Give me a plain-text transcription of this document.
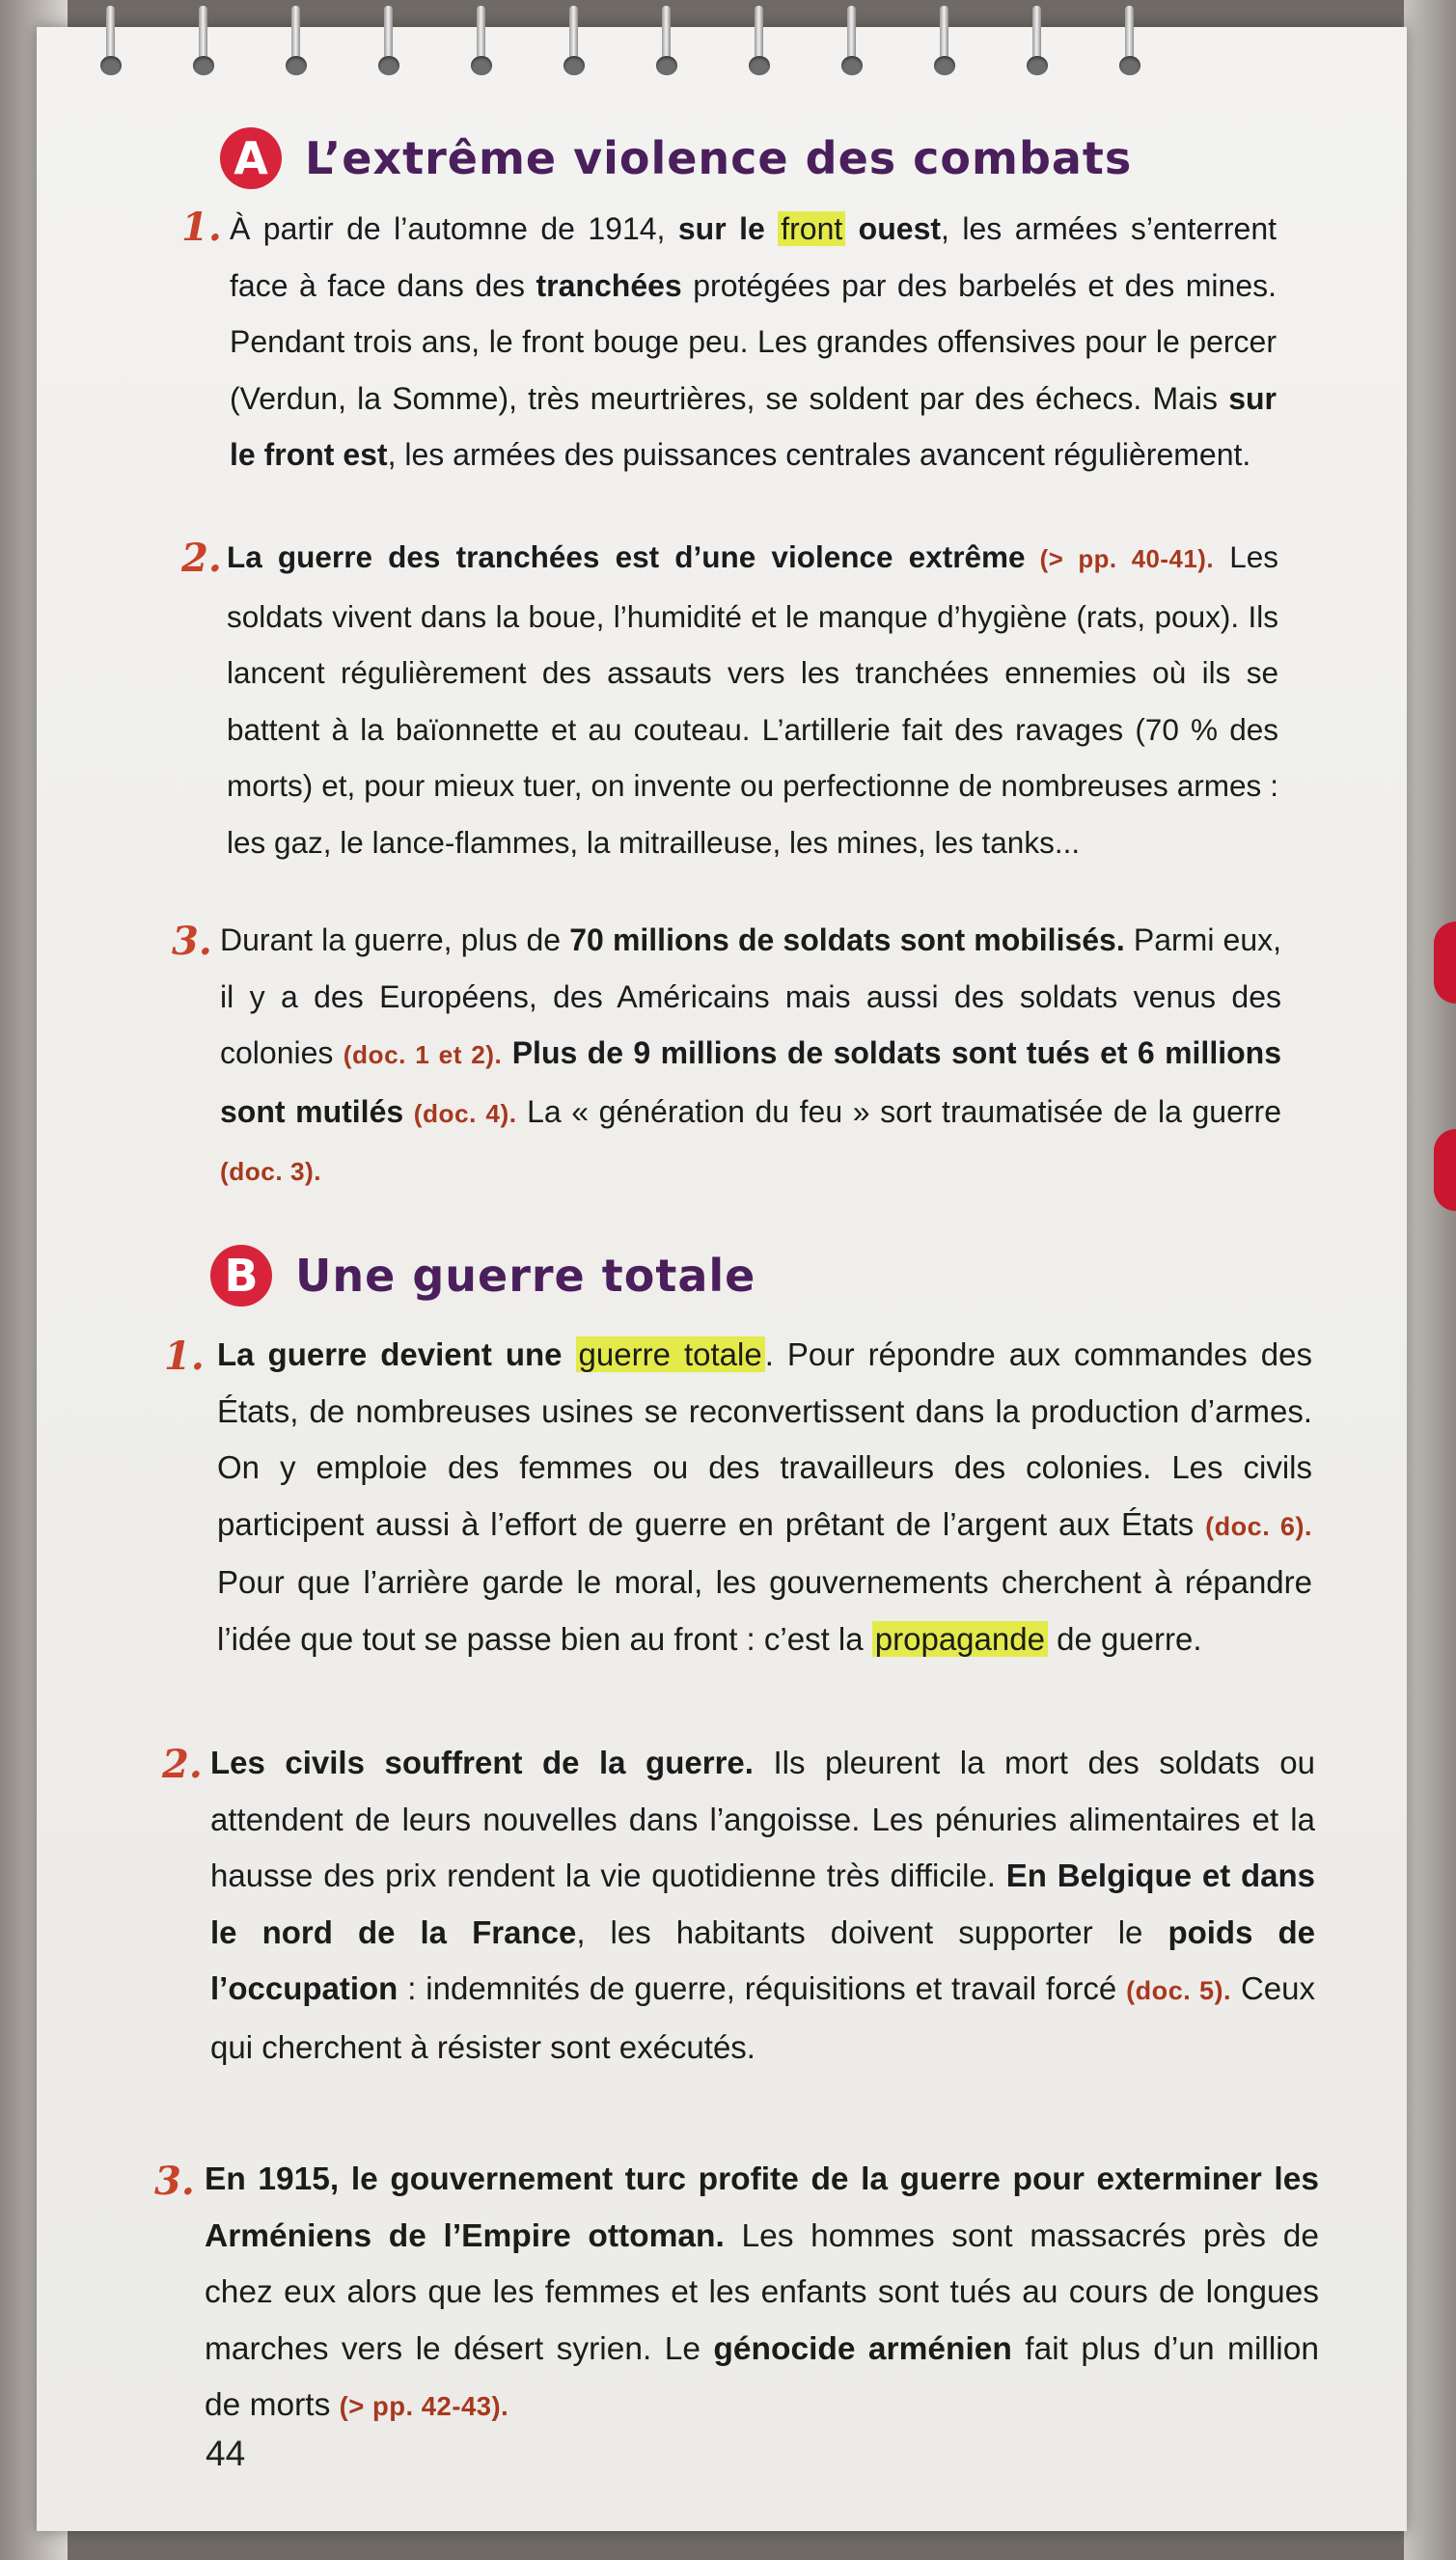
A L’extrême violence des combats
1. À partir de l’automne de 1914, sur le front ouest, les armées s’enterrent face à face dans des tranchées protégées par des barbelés et des mines. Pendant trois ans, le front bouge peu. Les grandes offensives pour le percer (Verdun, la Somme), très meurtrières, se soldent par des échecs. Mais sur le front est, les armées des puissances centrales avancent régulièrement.
2. La guerre des tranchées est d’une violence extrême (> pp. 40-41). Les soldats vivent dans la boue, l’humidité et le manque d’hygiène (rats, poux). Ils lancent régulièrement des assauts vers les tranchées ennemies où ils se battent à la baïonnette et au couteau. L’artillerie fait des ravages (70 % des morts) et, pour mieux tuer, on invente ou perfectionne de nombreuses armes : les gaz, le lance-flammes, la mitrailleuse, les mines, les tanks...
3. Durant la guerre, plus de 70 millions de soldats sont mobilisés. Parmi eux, il y a des Européens, des Américains mais aussi des soldats venus des colonies (doc. 1 et 2). Plus de 9 millions de soldats sont tués et 6 millions sont mutilés (doc. 4). La « génération du feu » sort traumatisée de la guerre (doc. 3).
B Une guerre totale
1. La guerre devient une guerre totale. Pour répondre aux commandes des États, de nombreuses usines se reconvertissent dans la production d’armes. On y emploie des femmes ou des travailleurs des colonies. Les civils participent aussi à l’effort de guerre en prêtant de l’argent aux États (doc. 6). Pour que l’arrière garde le moral, les gouvernements cherchent à répandre l’idée que tout se passe bien au front : c’est la propagande de guerre.
2. Les civils souffrent de la guerre. Ils pleurent la mort des soldats ou attendent de leurs nouvelles dans l’angoisse. Les pénuries alimentaires et la hausse des prix rendent la vie quotidienne très difficile. En Belgique et dans le nord de la France, les habitants doivent supporter le poids de l’occupation : indemnités de guerre, réquisitions et travail forcé (doc. 5). Ceux qui cherchent à résister sont exécutés.
3. En 1915, le gouvernement turc profite de la guerre pour exterminer les Arméniens de l’Empire ottoman. Les hommes sont massacrés près de chez eux alors que les femmes et les enfants sont tués au cours de longues marches vers le désert syrien. Le génocide arménien fait plus d’un million de morts (> pp. 42-43).
44
